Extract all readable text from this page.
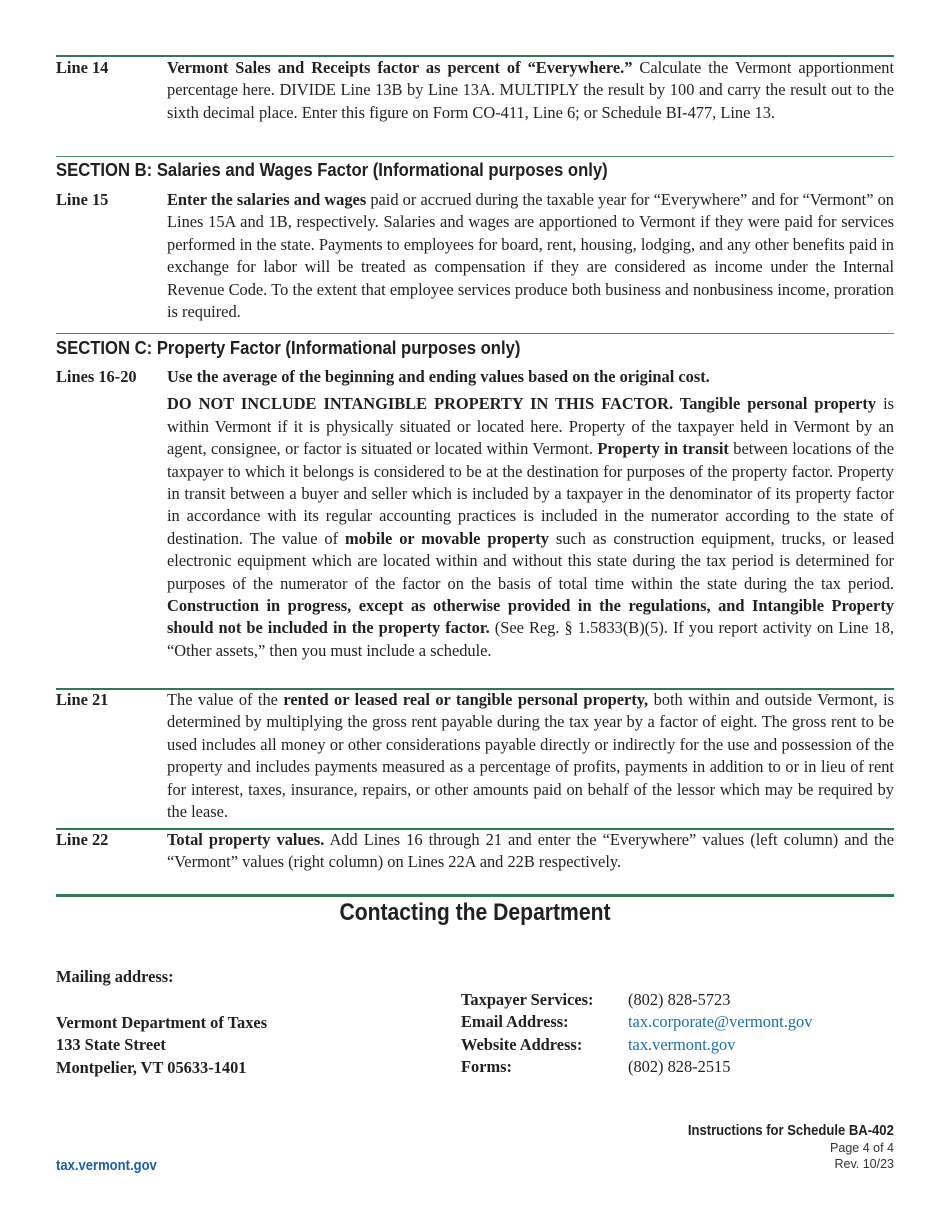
Line 14	Vermont Sales and Receipts factor as percent of “Everywhere.” Calculate the Vermont apportionment percentage here. DIVIDE Line 13B by Line 13A. MULTIPLY the result by 100 and carry the result out to the sixth decimal place. Enter this figure on Form CO-411, Line 6; or Schedule BI-477, Line 13.
SECTION B: Salaries and Wages Factor (Informational purposes only)
Line 15	Enter the salaries and wages paid or accrued during the taxable year for “Everywhere” and for “Vermont” on Lines 15A and 1B, respectively. Salaries and wages are apportioned to Vermont if they were paid for services performed in the state. Payments to employees for board, rent, housing, lodging, and any other benefits paid in exchange for labor will be treated as compensation if they are considered as income under the Internal Revenue Code. To the extent that employee services produce both business and nonbusiness income, proration is required.
SECTION C: Property Factor (Informational purposes only)
Lines 16-20	Use the average of the beginning and ending values based on the original cost.
DO NOT INCLUDE INTANGIBLE PROPERTY IN THIS FACTOR. Tangible personal property is within Vermont if it is physically situated or located here. Property of the taxpayer held in Vermont by an agent, consignee, or factor is situated or located within Vermont. Property in transit between locations of the taxpayer to which it belongs is considered to be at the destination for purposes of the property factor. Property in transit between a buyer and seller which is included by a taxpayer in the denominator of its property factor in accordance with its regular accounting practices is included in the numerator according to the state of destination. The value of mobile or movable property such as construction equipment, trucks, or leased electronic equipment which are located within and without this state during the tax period is determined for purposes of the numerator of the factor on the basis of total time within the state during the tax period. Construction in progress, except as otherwise provided in the regulations, and Intangible Property should not be included in the property factor. (See Reg. § 1.5833(B)(5). If you report activity on Line 18, “Other assets,” then you must include a schedule.
Line 21	The value of the rented or leased real or tangible personal property, both within and outside Vermont, is determined by multiplying the gross rent payable during the tax year by a factor of eight. The gross rent to be used includes all money or other considerations payable directly or indirectly for the use and possession of the property and includes payments measured as a percentage of profits, payments in addition to or in lieu of rent for interest, taxes, insurance, repairs, or other amounts paid on behalf of the lessor which may be required by the lease.
Line 22	Total property values. Add Lines 16 through 21 and enter the “Everywhere” values (left column) and the “Vermont” values (right column) on Lines 22A and 22B respectively.
Contacting the Department
Mailing address:
Vermont Department of Taxes
133 State Street
Montpelier, VT 05633-1401
Taxpayer Services:	(802) 828-5723
Email Address:	tax.corporate@vermont.gov
Website Address:	tax.vermont.gov
Forms:	(802) 828-2515
Instructions for Schedule BA-402
Page 4 of 4
Rev. 10/23
tax.vermont.gov
